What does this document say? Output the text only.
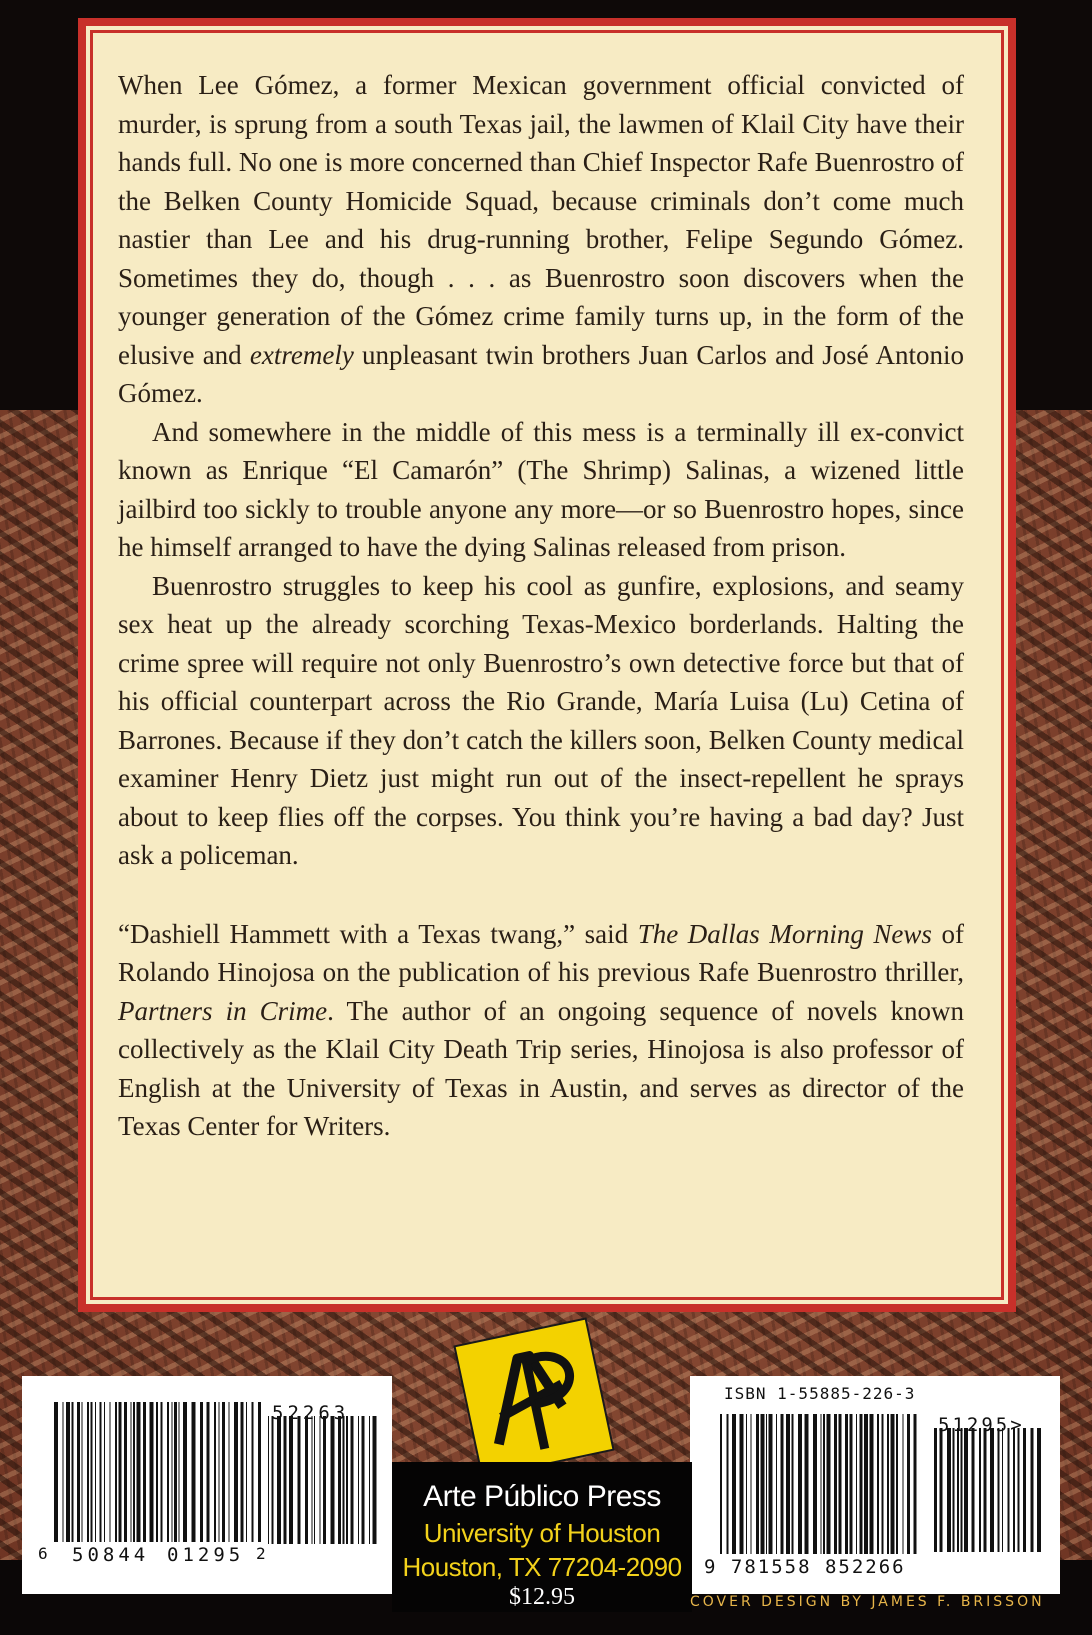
When Lee Gómez, a former Mexican government official convicted of murder, is sprung from a south Texas jail, the lawmen of Klail City have their hands full. No one is more concerned than Chief Inspector Rafe Buenrostro of the Belken County Homicide Squad, because criminals don’t come much nastier than Lee and his drug-running brother, Felipe Segundo Gómez. Sometimes they do, though . . . as Buenrostro soon discovers when the younger generation of the Gómez crime family turns up, in the form of the elusive and extremely unpleasant twin brothers Juan Carlos and José Antonio Gómez.

And somewhere in the middle of this mess is a terminally ill ex-convict known as Enrique “El Camarón” (The Shrimp) Salinas, a wizened little jailbird too sickly to trouble anyone any more—or so Buenrostro hopes, since he himself arranged to have the dying Salinas released from prison.

Buenrostro struggles to keep his cool as gunfire, explosions, and seamy sex heat up the already scorching Texas-Mexico borderlands. Halting the crime spree will require not only Buenrostro’s own detective force but that of his official counterpart across the Rio Grande, María Luisa (Lu) Cetina of Barrones. Because if they don’t catch the killers soon, Belken County medical examiner Henry Dietz just might run out of the insect-repellent he sprays about to keep flies off the corpses. You think you’re having a bad day? Just ask a policeman.

“Dashiell Hammett with a Texas twang,” said The Dallas Morning News of Rolando Hinojosa on the publication of his previous Rafe Buenrostro thriller, Partners in Crime. The author of an ongoing sequence of novels known collectively as the Klail City Death Trip series, Hinojosa is also professor of English at the University of Texas in Austin, and serves as director of the Texas Center for Writers.

52263
6 50844 01295 2
ISBN 1-55885-226-3
51295>
9 781558 852266
Arte Público Press
University of Houston
Houston, TX 77204-2090
$12.95	COVER DESIGN BY JAMES F. BRISSON
